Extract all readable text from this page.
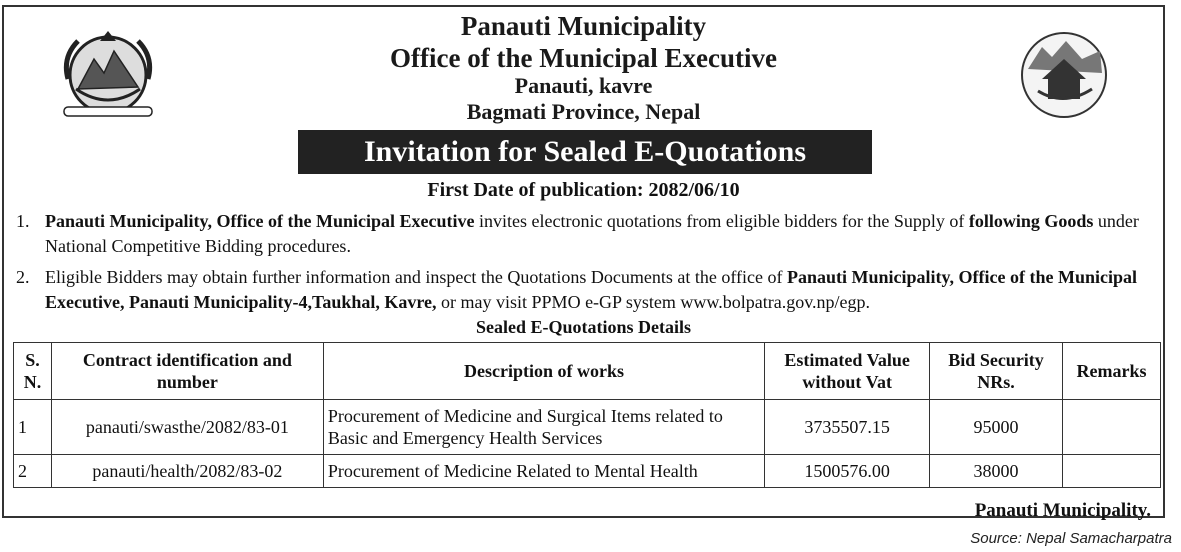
Panauti Municipality
Office of the Municipal Executive
Panauti, kavre
Bagmati Province, Nepal
Invitation for Sealed E-Quotations
First Date of publication: 2082/06/10
1. Panauti Municipality, Office of the Municipal Executive invites electronic quotations from eligible bidders for the Supply of following Goods under National Competitive Bidding procedures.
2. Eligible Bidders may obtain further information and inspect the Quotations Documents at the office of Panauti Municipality, Office of the Municipal Executive, Panauti Municipality-4,Taukhal, Kavre, or may visit PPMO e-GP system www.bolpatra.gov.np/egp.
Sealed E-Quotations Details
S. N.	Contract identification and number	Description of works	Estimated Value without Vat	Bid Security NRs.	Remarks
1	panauti/swasthe/2082/83-01	Procurement of Medicine and Surgical Items related to Basic and Emergency Health Services	3735507.15	95000	
2	panauti/health/2082/83-02	Procurement of Medicine Related to Mental Health	1500576.00	38000	
Panauti Municipality.
Source: Nepal Samacharpatra
